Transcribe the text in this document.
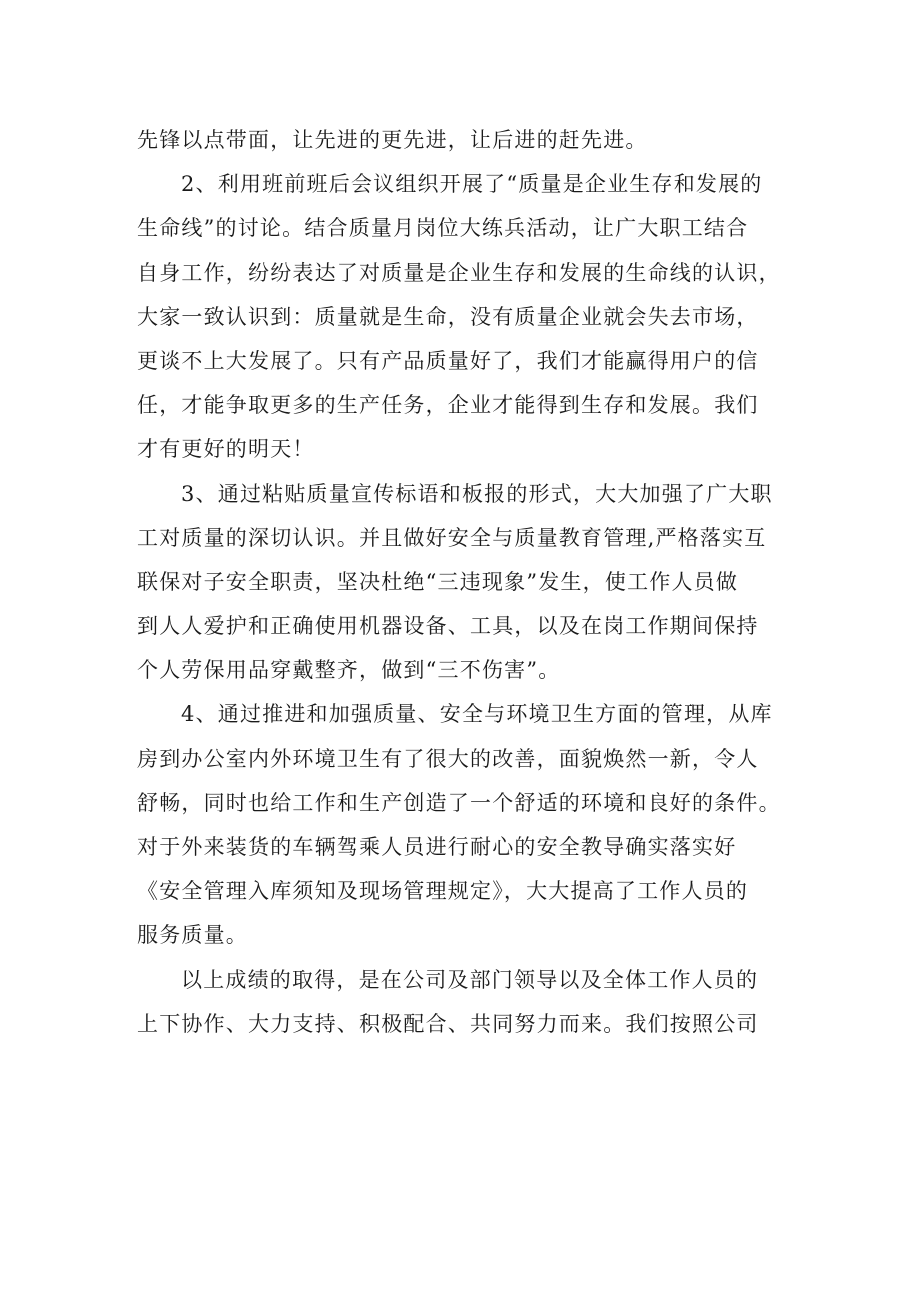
先锋以点带面，让先进的更先进，让后进的赶先进。
2、利用班前班后会议组织开展了“质量是企业生存和发展的
生命线”的讨论。结合质量月岗位大练兵活动，让广大职工结合
自身工作，纷纷表达了对质量是企业生存和发展的生命线的认识，
大家一致认识到：质量就是生命，没有质量企业就会失去市场，
更谈不上大发展了。只有产品质量好了，我们才能赢得用户的信
任，才能争取更多的生产任务，企业才能得到生存和发展。我们
才有更好的明天！
3、通过粘贴质量宣传标语和板报的形式，大大加强了广大职
工对质量的深切认识。并且做好安全与质量教育管理,严格落实互
联保对子安全职责，坚决杜绝“三违现象”发生，使工作人员做
到人人爱护和正确使用机器设备、工具，以及在岗工作期间保持
个人劳保用品穿戴整齐，做到“三不伤害”。
4、通过推进和加强质量、安全与环境卫生方面的管理，从库
房到办公室内外环境卫生有了很大的改善，面貌焕然一新，令人
舒畅，同时也给工作和生产创造了一个舒适的环境和良好的条件。
对于外来装货的车辆驾乘人员进行耐心的安全教导确实落实好
《安全管理入库须知及现场管理规定》，大大提高了工作人员的
服务质量。
以上成绩的取得，是在公司及部门领导以及全体工作人员的
上下协作、大力支持、积极配合、共同努力而来。我们按照公司
